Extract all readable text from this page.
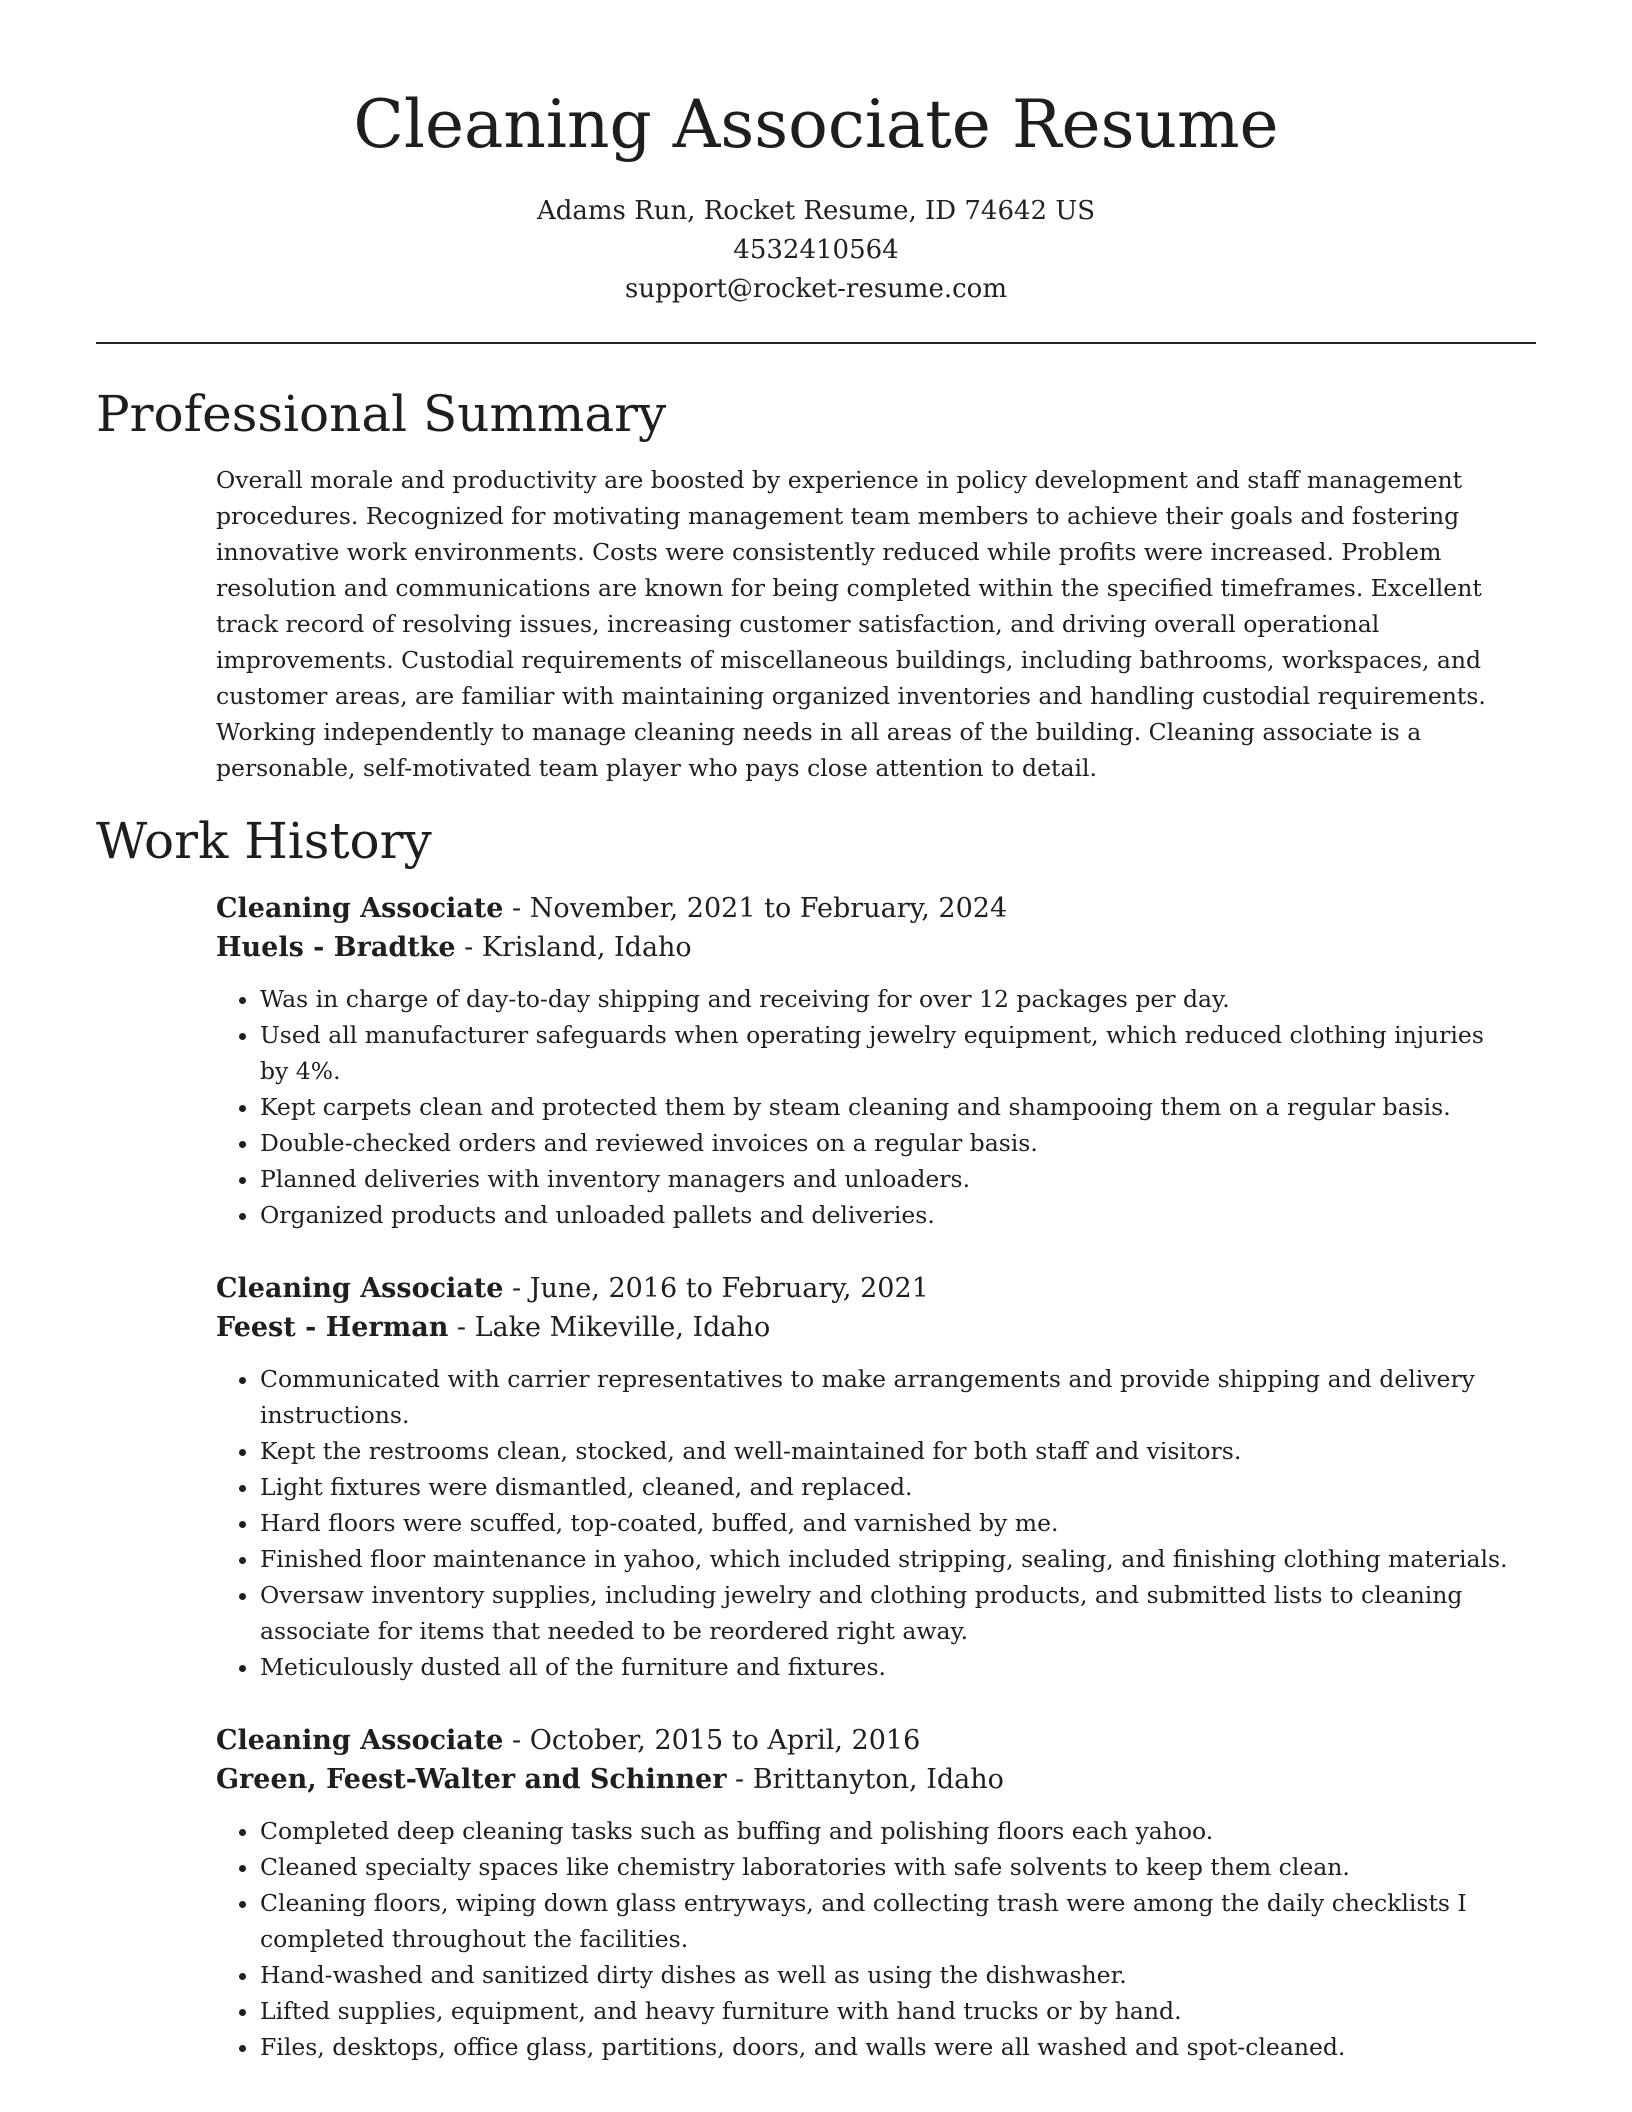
Cleaning Associate Resume
Adams Run, Rocket Resume, ID 74642 US
4532410564
support@rocket-resume.com
Professional Summary

Overall morale and productivity are boosted by experience in policy development and staff management procedures. Recognized for motivating management team members to achieve their goals and fostering innovative work environments. Costs were consistently reduced while profits were increased. Problem resolution and communications are known for being completed within the specified timeframes. Excellent track record of resolving issues, increasing customer satisfaction, and driving overall operational improvements. Custodial requirements of miscellaneous buildings, including bathrooms, workspaces, and customer areas, are familiar with maintaining organized inventories and handling custodial requirements. Working independently to manage cleaning needs in all areas of the building. Cleaning associate is a personable, self-motivated team player who pays close attention to detail.

Work History

Cleaning Associate - November, 2021 to February, 2024

Huels - Bradtke - Krisland, Idaho

• Was in charge of day-to-day shipping and receiving for over 12 packages per day.
• Used all manufacturer safeguards when operating jewelry equipment, which reduced clothing injuries by 4%.
• Kept carpets clean and protected them by steam cleaning and shampooing them on a regular basis.
• Double-checked orders and reviewed invoices on a regular basis.
• Planned deliveries with inventory managers and unloaders.
• Organized products and unloaded pallets and deliveries.

Cleaning Associate - June, 2016 to February, 2021

Feest - Herman - Lake Mikeville, Idaho

• Communicated with carrier representatives to make arrangements and provide shipping and delivery instructions.
• Kept the restrooms clean, stocked, and well-maintained for both staff and visitors.
• Light fixtures were dismantled, cleaned, and replaced.
• Hard floors were scuffed, top-coated, buffed, and varnished by me.
• Finished floor maintenance in yahoo, which included stripping, sealing, and finishing clothing materials.
• Oversaw inventory supplies, including jewelry and clothing products, and submitted lists to cleaning associate for items that needed to be reordered right away.
• Meticulously dusted all of the furniture and fixtures.

Cleaning Associate - October, 2015 to April, 2016

Green, Feest-Walter and Schinner - Brittanyton, Idaho

• Completed deep cleaning tasks such as buffing and polishing floors each yahoo.
• Cleaned specialty spaces like chemistry laboratories with safe solvents to keep them clean.
• Cleaning floors, wiping down glass entryways, and collecting trash were among the daily checklists I completed throughout the facilities.
• Hand-washed and sanitized dirty dishes as well as using the dishwasher.
• Lifted supplies, equipment, and heavy furniture with hand trucks or by hand.
• Files, desktops, office glass, partitions, doors, and walls were all washed and spot-cleaned.
